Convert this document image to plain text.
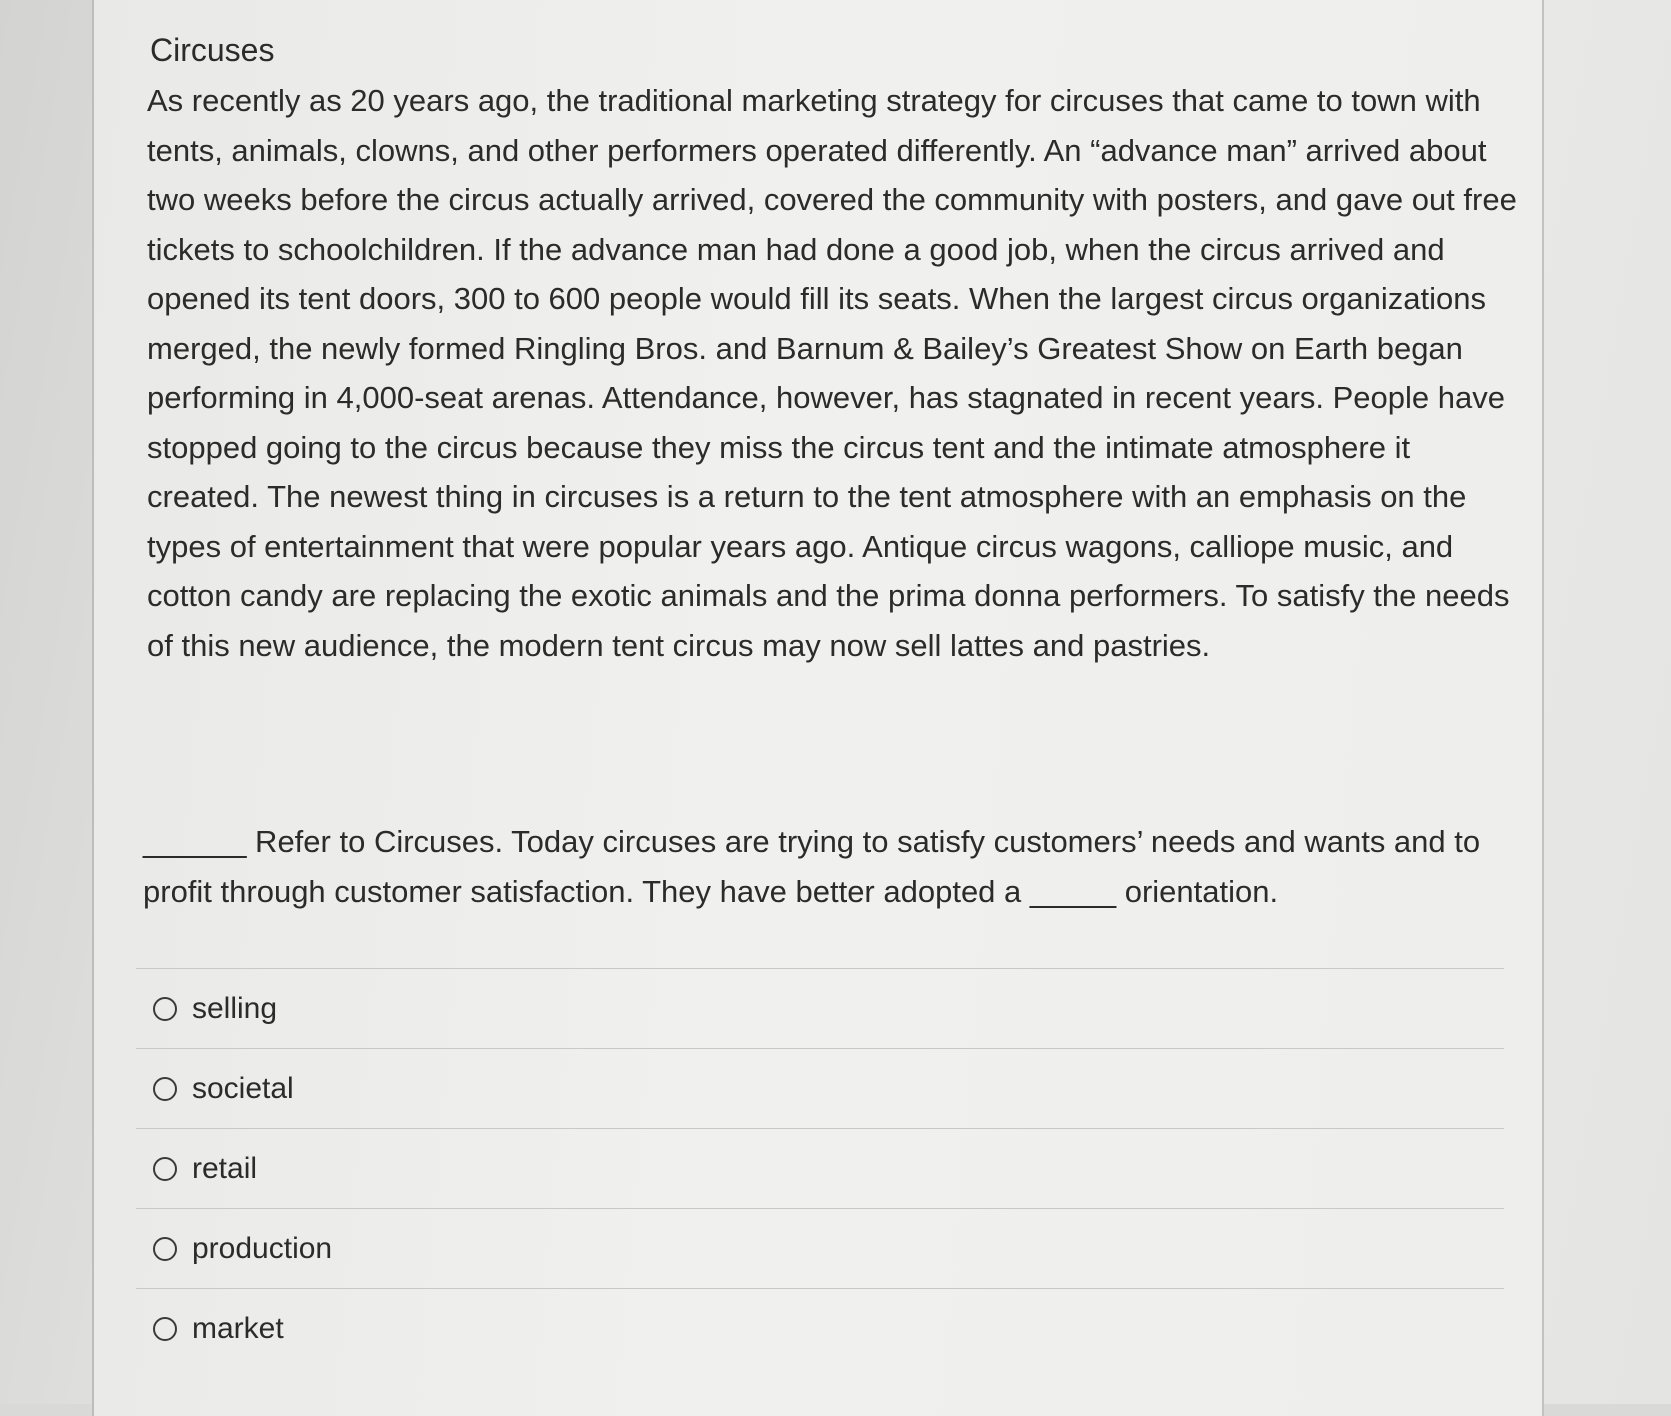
Circuses

As recently as 20 years ago, the traditional marketing strategy for circuses that came to town with tents, animals, clowns, and other performers operated differently. An “advance man” arrived about two weeks before the circus actually arrived, covered the community with posters, and gave out free tickets to schoolchildren. If the advance man had done a good job, when the circus arrived and opened its tent doors, 300 to 600 people would fill its seats. When the largest circus organizations merged, the newly formed Ringling Bros. and Barnum & Bailey’s Greatest Show on Earth began performing in 4,000-seat arenas. Attendance, however, has stagnated in recent years. People have stopped going to the circus because they miss the circus tent and the intimate atmosphere it created. The newest thing in circuses is a return to the tent atmosphere with an emphasis on the types of entertainment that were popular years ago. Antique circus wagons, calliope music, and cotton candy are replacing the exotic animals and the prima donna performers. To satisfy the needs of this new audience, the modern tent circus may now sell lattes and pastries.

______ Refer to Circuses. Today circuses are trying to satisfy customers’ needs and wants and to profit through customer satisfaction. They have better adopted a _____ orientation.

selling
societal
retail
production
market
